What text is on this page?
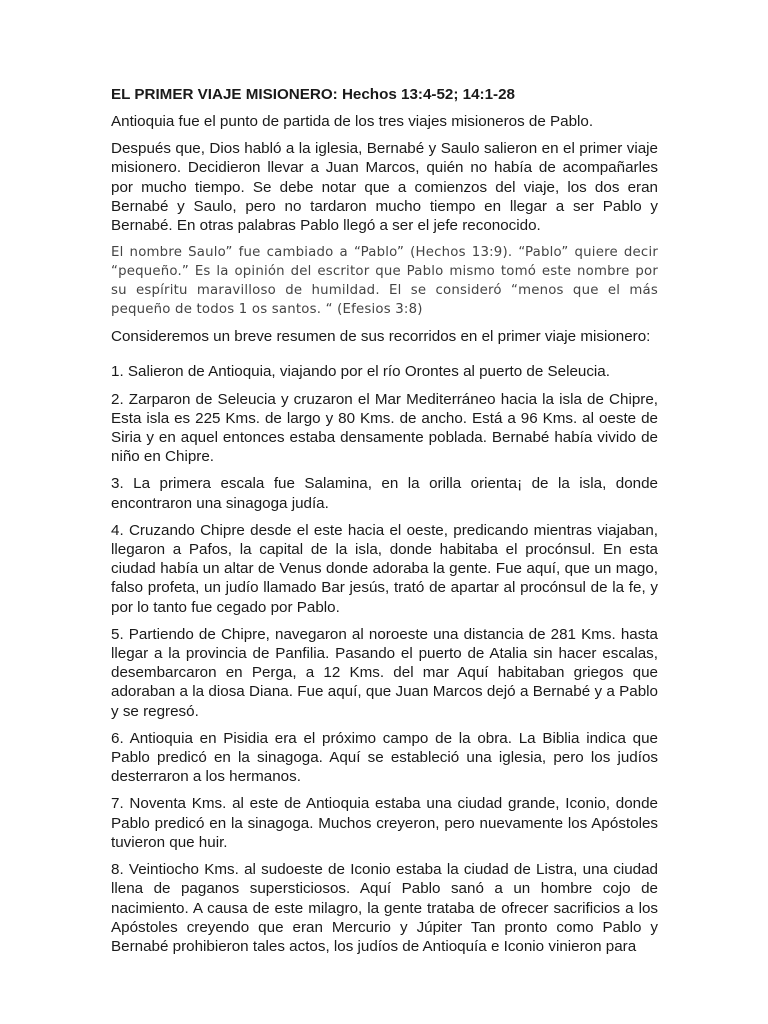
EL PRIMER VIAJE MISIONERO: Hechos 13:4-52; 14:1-28

Antioquia fue el punto de partida de los tres viajes misioneros de Pablo.

Después que, Dios habló a la iglesia, Bernabé y Saulo salieron en el primer viaje misionero. Decidieron llevar a Juan Marcos, quién no había de acompañarles por mucho tiempo. Se debe notar que a comienzos del viaje, los dos eran Bernabé y Saulo, pero no tardaron mucho tiempo en llegar a ser Pablo y Bernabé. En otras palabras Pablo llegó a ser el jefe reconocido.

El nombre Saulo” fue cambiado a “Pablo” (Hechos 13:9). “Pablo” quiere decir “pequeño.” Es la opinión del escritor que Pablo mismo tomó este nombre por su espíritu maravilloso de humildad. El se consideró “menos que el más pequeño de todos 1 os santos. “ (Efesios 3:8)

Consideremos un breve resumen de sus recorridos en el primer viaje misionero:

1. Salieron de Antioquia, viajando por el río Orontes al puerto de Seleucia.

2. Zarparon de Seleucia y cruzaron el Mar Mediterráneo hacia la isla de Chipre, Esta isla es 225 Kms. de largo y 80 Kms. de ancho. Está a 96 Kms. al oeste de Siria y en aquel entonces estaba densamente poblada. Bernabé había vivido de niño en Chipre.

3. La primera escala fue Salamina, en la orilla orienta¡ de la isla, donde encontraron una sinagoga judía.

4. Cruzando Chipre desde el este hacia el oeste, predicando mientras viajaban, llegaron a Pafos, la capital de la isla, donde habitaba el procónsul. En esta ciudad había un altar de Venus donde adoraba la gente. Fue aquí, que un mago, falso profeta, un judío llamado Bar jesús, trató de apartar al procónsul de la fe, y por lo tanto fue cegado por Pablo.

5. Partiendo de Chipre, navegaron al noroeste una distancia de 281 Kms. hasta llegar a la provincia de Panfilia. Pasando el puerto de Atalia sin hacer escalas, desembarcaron en Perga, a 12 Kms. del mar Aquí habitaban griegos que adoraban a la diosa Diana. Fue aquí, que Juan Marcos dejó a Bernabé y a Pablo y se regresó.

6. Antioquia en Pisidia era el próximo campo de la obra. La Biblia indica que Pablo predicó en la sinagoga. Aquí se estableció una iglesia, pero los judíos desterraron a los hermanos.

7. Noventa Kms. al este de Antioquia estaba una ciudad grande, Iconio, donde Pablo predicó en la sinagoga. Muchos creyeron, pero nuevamente los Apóstoles tuvieron que huir.

8. Veintiocho Kms. al sudoeste de Iconio estaba la ciudad de Listra, una ciudad llena de paganos supersticiosos. Aquí Pablo sanó a un hombre cojo de nacimiento. A causa de este milagro, la gente trataba de ofrecer sacrificios a los Apóstoles creyendo que eran Mercurio y Júpiter Tan pronto como Pablo y Bernabé prohibieron tales actos, los judíos de Antioquía e Iconio vinieron para
